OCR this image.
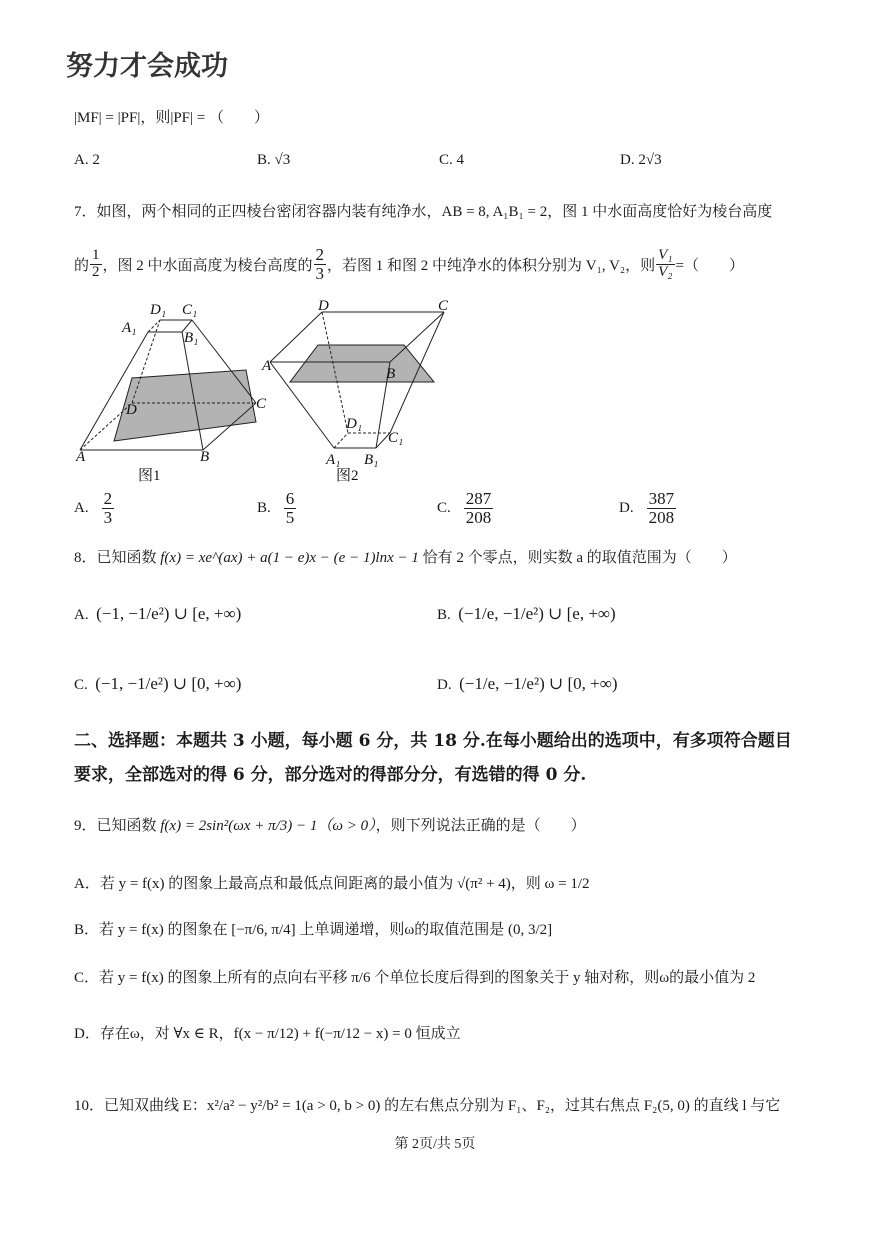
努力才会成功
|MF| = |PF|，则|PF| = （　　）
A. 2	B. √3	C. 4	D. 2√3
7．如图，两个相同的正四棱台密闭容器内装有纯净水，AB = 8, A₁B₁ = 2，图 1 中水面高度恰好为棱台高度
的 $\frac{1}{2}$ ，图 2 中水面高度为棱台高度的 $\frac{2}{3}$ ，若图 1 和图 2 中纯净水的体积分别为 V₁, V₂，则 $\frac{\text{V₁}}{\text{V₂}}$ =（　　）
D₁ C₁
A₁
B₁
D	C
A	B
图1
D	C
A	B
D₁
C₁
A₁ B₁
图2
A. $\frac{2}{3}$	B. $\frac{6}{5}$	C. $\frac{287}{208}$	D. $\frac{387}{208}$
8．已知函数 f(x) = xe^(ax) + a(1 − e)x − (e − 1)lnx − 1 恰有 2 个零点，则实数 a 的取值范围为（　　）
A. (−1, −1/e²) ∪ [e, +∞)	B. (−1/e, −1/e²) ∪ [e, +∞)
C. (−1, −1/e²) ∪ [0, +∞)	D. (−1/e, −1/e²) ∪ [0, +∞)
二、选择题：本题共 3 小题，每小题 6 分，共 18 分.在每小题给出的选项中，有多项符合题目
要求，全部选对的得 6 分，部分选对的得部分分，有选错的得 0 分.
9．已知函数 f(x) = 2sin²(ωx + π/3) − 1（ω > 0），则下列说法正确的是（　　）
A．若 y = f(x) 的图象上最高点和最低点间距离的最小值为 √(π² + 4)，则 ω = 1/2
B．若 y = f(x) 的图象在 [−π/6, π/4] 上单调递增，则ω的取值范围是 (0, 3/2]
C．若 y = f(x) 的图象上所有的点向右平移 π/6 个单位长度后得到的图象关于 y 轴对称，则ω的最小值为 2
D．存在ω，对 ∀x ∈ R，f(x − π/12) + f(−π/12 − x) = 0 恒成立
10．已知双曲线 E：x²/a² − y²/b² = 1(a > 0, b > 0) 的左右焦点分别为 F₁、F₂，过其右焦点 F₂(5, 0) 的直线 l 与它
第 2页/共 5页
